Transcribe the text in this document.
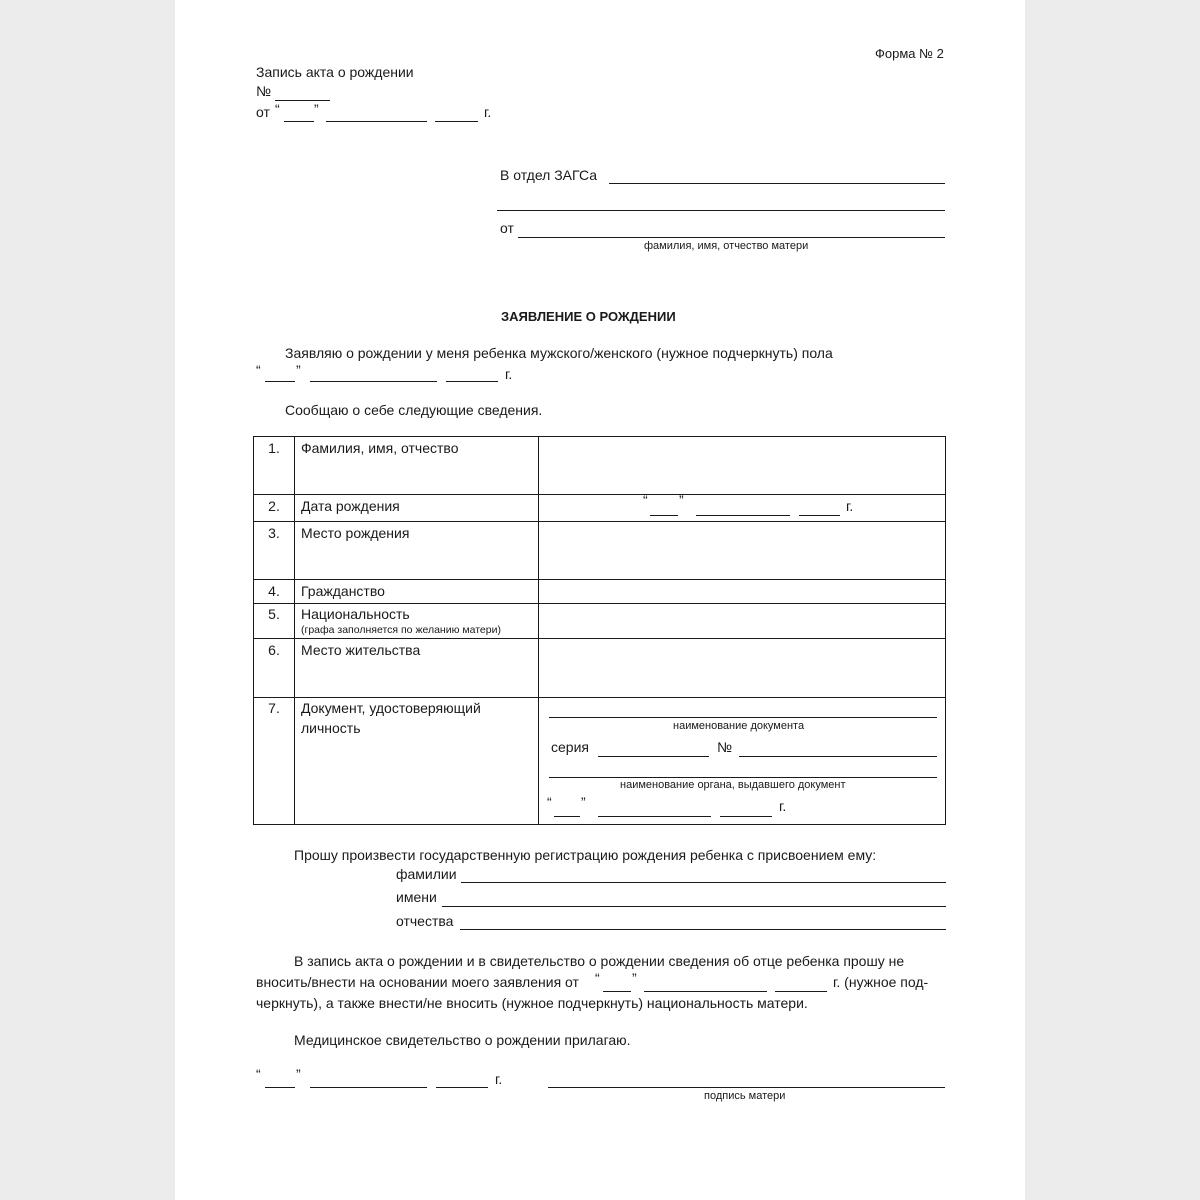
Форма № 2
Запись акта о рождении
№
от “ ”	г.
В отдел ЗАГСа
от
фамилия, имя, отчество матери
ЗАЯВЛЕНИЕ О РОЖДЕНИИ
Заявляю о рождении у меня ребенка мужского/женского (нужное подчеркнуть) пола
“	”	г.
Сообщаю о себе следующие сведения.
1.	Фамилия, имя, отчество
2.	Дата рождения	“ ”	г.
3.	Место рождения
4.	Гражданство
5.	Национальность
(графа заполняется по желанию матери)
6.	Место жительства
7.	Документ, удостоверяющий
личность	наименование документа
серия	№
наименование органа, выдавшего документ
“ ”	г.
Прошу произвести государственную регистрацию рождения ребенка с присвоением ему:
фамилии
имени
отчества
В запись акта о рождении и в свидетельство о рождении сведения об отце ребенка прошу не
вносить/внести на основании моего заявления от “ ”	г. (нужное под-
черкнуть), а также внести/не вносить (нужное подчеркнуть) национальность матери.
Медицинское свидетельство о рождении прилагаю.
“	”	г.
подпись матери
